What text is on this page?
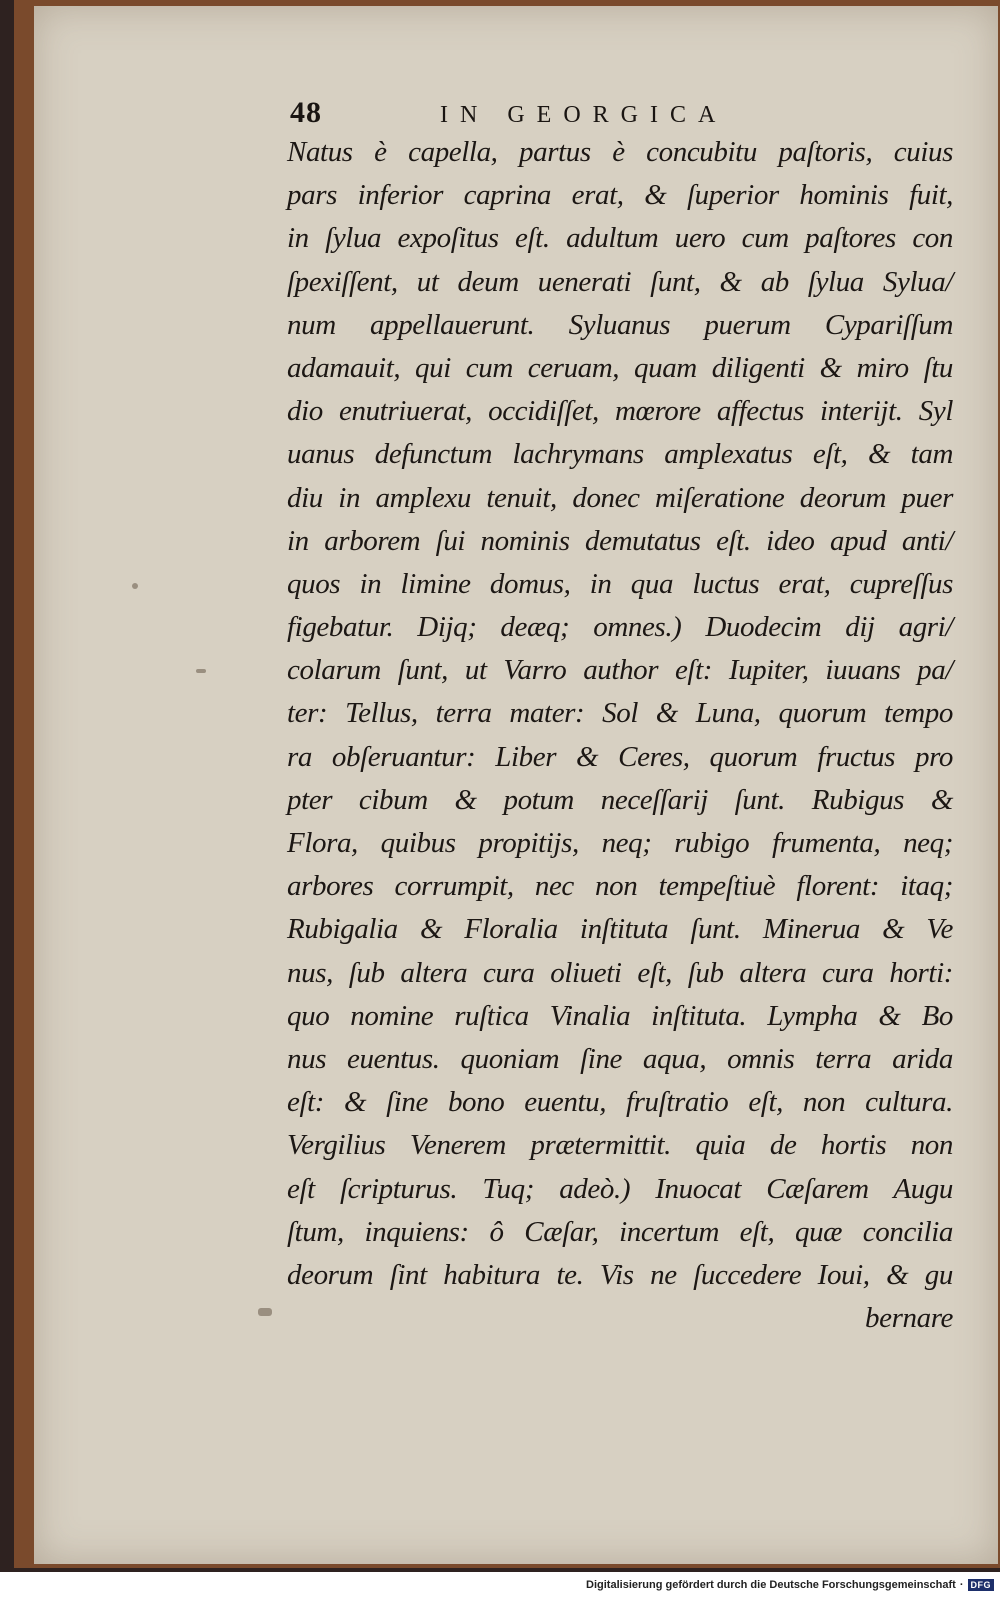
48	IN GEORGICA
Natus è capella, partus è concubitu paſtoris, cuius
pars inferior caprina erat, & ſuperior hominis fuit,
in ſylua expoſitus eſt. adultum uero cum paſtores con
ſpexiſſent, ut deum uenerati ſunt, & ab ſylua Sylua/
num appellauerunt. Syluanus puerum Cypariſſum
adamauit, qui cum ceruam, quam diligenti & miro ſtu
dio enutriuerat, occidiſſet, mœrore affectus interijt. Syl
uanus defunctum lachrymans amplexatus eſt, & tam
diu in amplexu tenuit, donec miſeratione deorum puer
in arborem ſui nominis demutatus eſt. ideo apud anti/
quos in limine domus, in qua luctus erat, cupreſſus
figebatur. Dijq; deæq; omnes.) Duodecim dij agri/
colarum ſunt, ut Varro author eſt: Iupiter, iuuans pa/
ter: Tellus, terra mater: Sol & Luna, quorum tempo
ra obſeruantur: Liber & Ceres, quorum fructus pro
pter cibum & potum neceſſarij ſunt. Rubigus &
Flora, quibus propitijs, neq; rubigo frumenta, neq;
arbores corrumpit, nec non tempeſtiuè florent: itaq;
Rubigalia & Floralia inſtituta ſunt. Minerua & Ve
nus, ſub altera cura oliueti eſt, ſub altera cura horti:
quo nomine ruſtica Vinalia inſtituta. Lympha & Bo
nus euentus. quoniam ſine aqua, omnis terra arida
eſt: & ſine bono euentu, fruſtratio eſt, non cultura.
Vergilius Venerem prætermittit. quia de hortis non
eſt ſcripturus. Tuq; adeò.) Inuocat Cæſarem Augu
ſtum, inquiens: ô Cæſar, incertum eſt, quæ concilia
deorum ſint habitura te. Vis ne ſuccedere Ioui, & gu
bernare
Digitalisierung gefördert durch die Deutsche Forschungsgemeinschaft · DFG
